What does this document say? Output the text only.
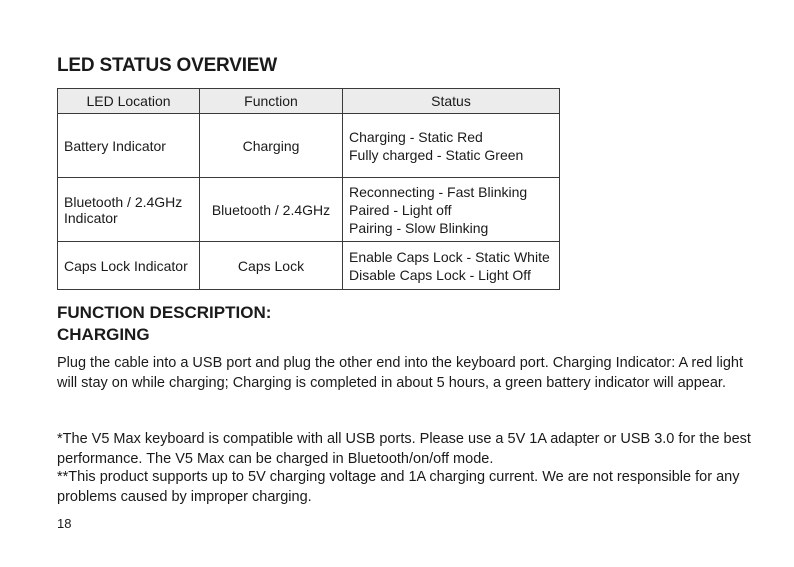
LED STATUS OVERVIEW
LED Location	Function	Status

Battery Indicator	Charging	Charging - Static Red
Fully charged - Static Green

Bluetooth / 2.4GHz
Indicator	Bluetooth / 2.4GHz	Reconnecting - Fast Blinking
Paired - Light off
Pairing - Slow Blinking

Caps Lock Indicator	Caps Lock	Enable Caps Lock - Static White
Disable Caps Lock - Light Off
FUNCTION DESCRIPTION:
CHARGING

Plug the cable into a USB port and plug the other end into the keyboard port. Charging Indicator: A red light will stay on while charging; Charging is completed in about 5 hours, a green battery indicator will appear.

*The V5 Max keyboard is compatible with all USB ports. Please use a 5V 1A adapter or USB 3.0 for the best performance. The V5 Max can be charged in Bluetooth/on/off mode.

**This product supports up to 5V charging voltage and 1A charging current. We are not responsible for any problems caused by improper charging.

18
